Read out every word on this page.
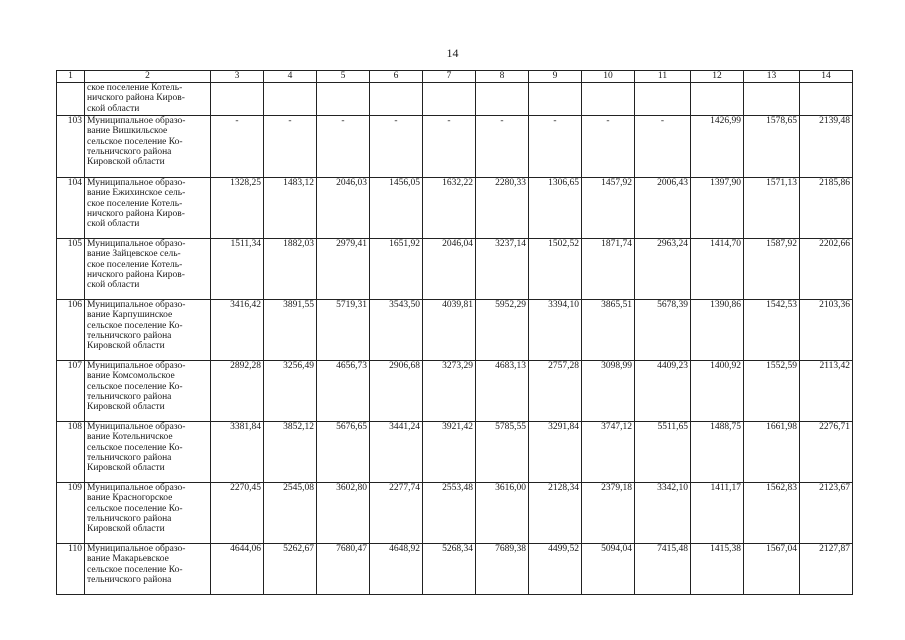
14
1	2	3	4	5	6	7	8	9	10	11	12	13	14
	ское поселение Котель-
ничского района Киров-
ской области												
103	Муниципальное образо-
вание Вишкильское
сельское поселение Ко-
тельничского района
Кировской области	-	-	-	-	-	-	-	-	-	1426,99	1578,65	2139,48
104	Муниципальное образо-
вание Ежихинское сель-
ское поселение Котель-
ничского района Киров-
ской области	1328,25	1483,12	2046,03	1456,05	1632,22	2280,33	1306,65	1457,92	2006,43	1397,90	1571,13	2185,86
105	Муниципальное образо-
вание Зайцевское сель-
ское поселение Котель-
ничского района Киров-
ской области	1511,34	1882,03	2979,41	1651,92	2046,04	3237,14	1502,52	1871,74	2963,24	1414,70	1587,92	2202,66
106	Муниципальное образо-
вание Карпушинское
сельское поселение Ко-
тельничского района
Кировской области	3416,42	3891,55	5719,31	3543,50	4039,81	5952,29	3394,10	3865,51	5678,39	1390,86	1542,53	2103,36
107	Муниципальное образо-
вание Комсомольское
сельское поселение Ко-
тельничского района
Кировской области	2892,28	3256,49	4656,73	2906,68	3273,29	4683,13	2757,28	3098,99	4409,23	1400,92	1552,59	2113,42
108	Муниципальное образо-
вание Котельничское
сельское поселение Ко-
тельничского района
Кировской области	3381,84	3852,12	5676,65	3441,24	3921,42	5785,55	3291,84	3747,12	5511,65	1488,75	1661,98	2276,71
109	Муниципальное образо-
вание Красногорское
сельское поселение Ко-
тельничского района
Кировской области	2270,45	2545,08	3602,80	2277,74	2553,48	3616,00	2128,34	2379,18	3342,10	1411,17	1562,83	2123,67
110	Муниципальное образо-
вание Макарьевское
сельское поселение Ко-
тельничского района	4644,06	5262,67	7680,47	4648,92	5268,34	7689,38	4499,52	5094,04	7415,48	1415,38	1567,04	2127,87
